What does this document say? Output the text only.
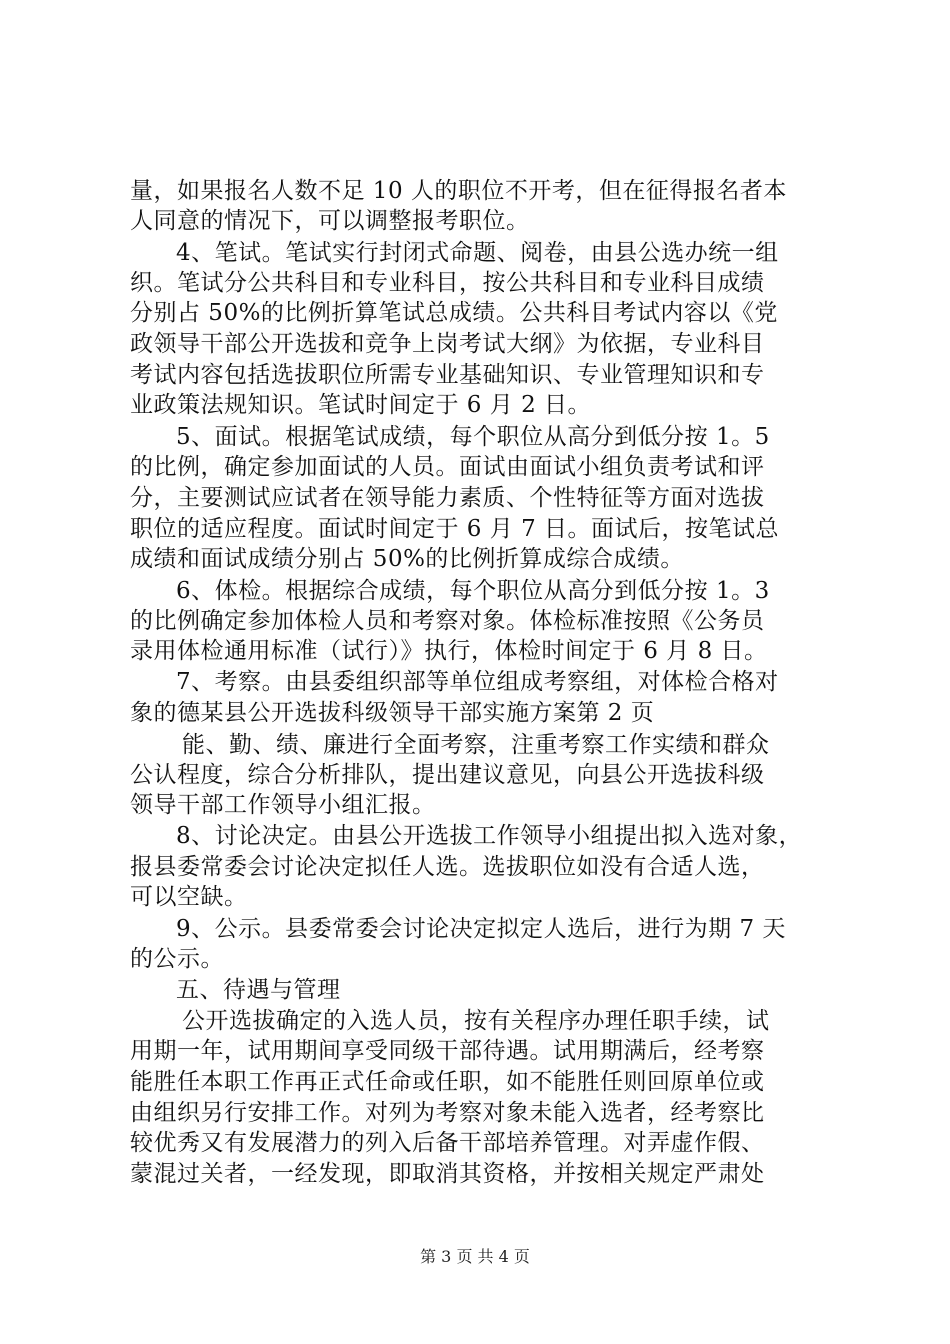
量，如果报名人数不足 10 人的职位不开考，但在征得报名者本
人同意的情况下，可以调整报考职位。
4、笔试。笔试实行封闭式命题、阅卷，由县公选办统一组
织。笔试分公共科目和专业科目，按公共科目和专业科目成绩
分别占 50%的比例折算笔试总成绩。公共科目考试内容以《党
政领导干部公开选拔和竞争上岗考试大纲》为依据，专业科目
考试内容包括选拔职位所需专业基础知识、专业管理知识和专
业政策法规知识。笔试时间定于 6 月 2 日。
5、面试。根据笔试成绩，每个职位从高分到低分按 1。5
的比例，确定参加面试的人员。面试由面试小组负责考试和评
分，主要测试应试者在领导能力素质、个性特征等方面对选拔
职位的适应程度。面试时间定于 6 月 7 日。面试后，按笔试总
成绩和面试成绩分别占 50%的比例折算成综合成绩。
6、体检。根据综合成绩，每个职位从高分到低分按 1。3
的比例确定参加体检人员和考察对象。体检标准按照《公务员
录用体检通用标准（试行）》执行，体检时间定于 6 月 8 日。
7、考察。由县委组织部等单位组成考察组，对体检合格对
象的德某县公开选拔科级领导干部实施方案第 2 页
能、勤、绩、廉进行全面考察，注重考察工作实绩和群众
公认程度，综合分析排队，提出建议意见，向县公开选拔科级
领导干部工作领导小组汇报。
8、讨论决定。由县公开选拔工作领导小组提出拟入选对象，
报县委常委会讨论决定拟任人选。选拔职位如没有合适人选，
可以空缺。
9、公示。县委常委会讨论决定拟定人选后，进行为期 7 天
的公示。
五、待遇与管理
公开选拔确定的入选人员，按有关程序办理任职手续，试
用期一年，试用期间享受同级干部待遇。试用期满后，经考察
能胜任本职工作再正式任命或任职，如不能胜任则回原单位或
由组织另行安排工作。对列为考察对象未能入选者，经考察比
较优秀又有发展潜力的列入后备干部培养管理。对弄虚作假、
蒙混过关者，一经发现，即取消其资格，并按相关规定严肃处
第 3 页 共 4 页
